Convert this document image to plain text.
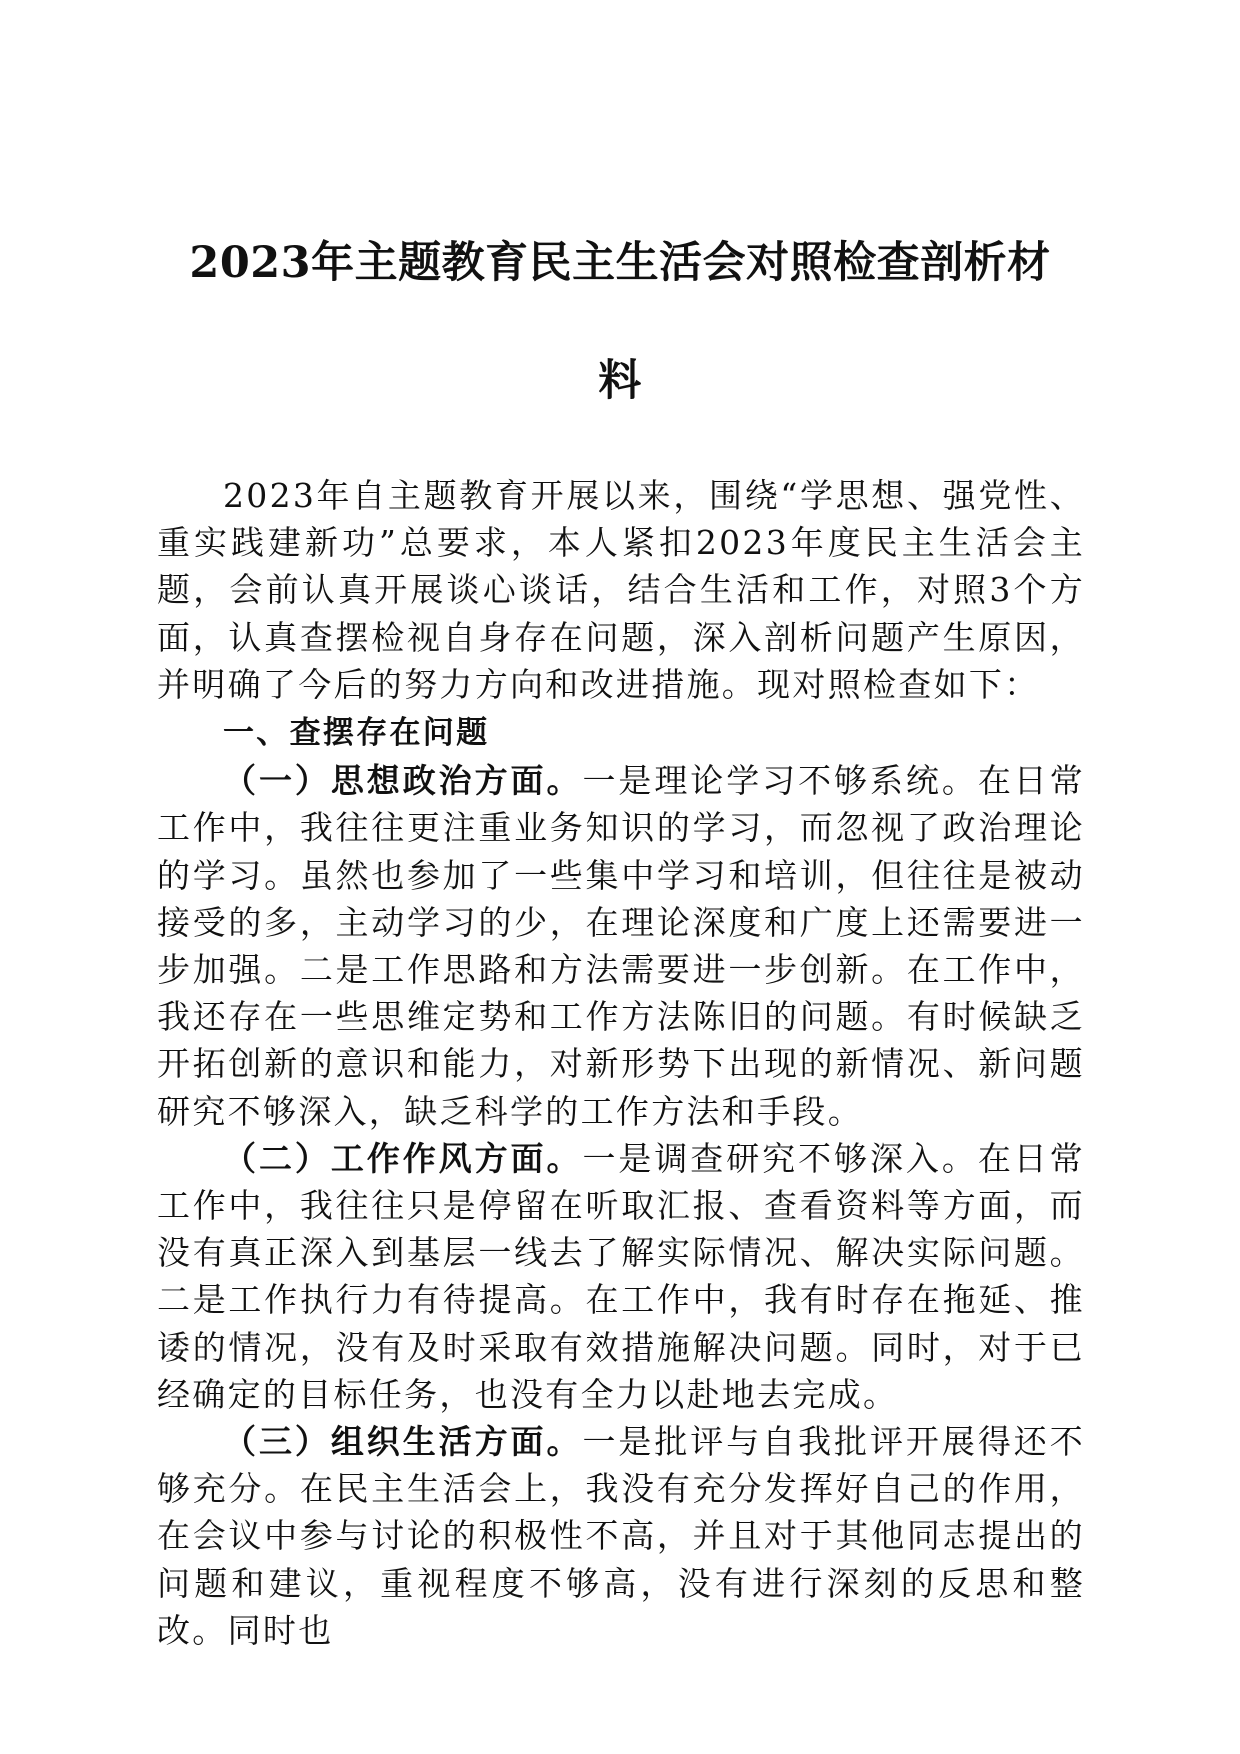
2023年主题教育民主生活会对照检查剖析材
料

2023年自主题教育开展以来，围绕“学思想、强党性、重实践建新功”总要求，本人紧扣2023年度民主生活会主题，会前认真开展谈心谈话，结合生活和工作，对照3个方面，认真查摆检视自身存在问题，深入剖析问题产生原因，并明确了今后的努力方向和改进措施。现对照检查如下：

一、查摆存在问题

（一）思想政治方面。一是理论学习不够系统。在日常工作中，我往往更注重业务知识的学习，而忽视了政治理论的学习。虽然也参加了一些集中学习和培训，但往往是被动接受的多，主动学习的少，在理论深度和广度上还需要进一步加强。二是工作思路和方法需要进一步创新。在工作中，我还存在一些思维定势和工作方法陈旧的问题。有时候缺乏开拓创新的意识和能力，对新形势下出现的新情况、新问题研究不够深入，缺乏科学的工作方法和手段。

（二）工作作风方面。一是调查研究不够深入。在日常工作中，我往往只是停留在听取汇报、查看资料等方面，而没有真正深入到基层一线去了解实际情况、解决实际问题。二是工作执行力有待提高。在工作中，我有时存在拖延、推诿的情况，没有及时采取有效措施解决问题。同时，对于已经确定的目标任务，也没有全力以赴地去完成。

（三）组织生活方面。一是批评与自我批评开展得还不够充分。在民主生活会上，我没有充分发挥好自己的作用，在会议中参与讨论的积极性不高，并且对于其他同志提出的问题和建议，重视程度不够高，没有进行深刻的反思和整改。同时也
